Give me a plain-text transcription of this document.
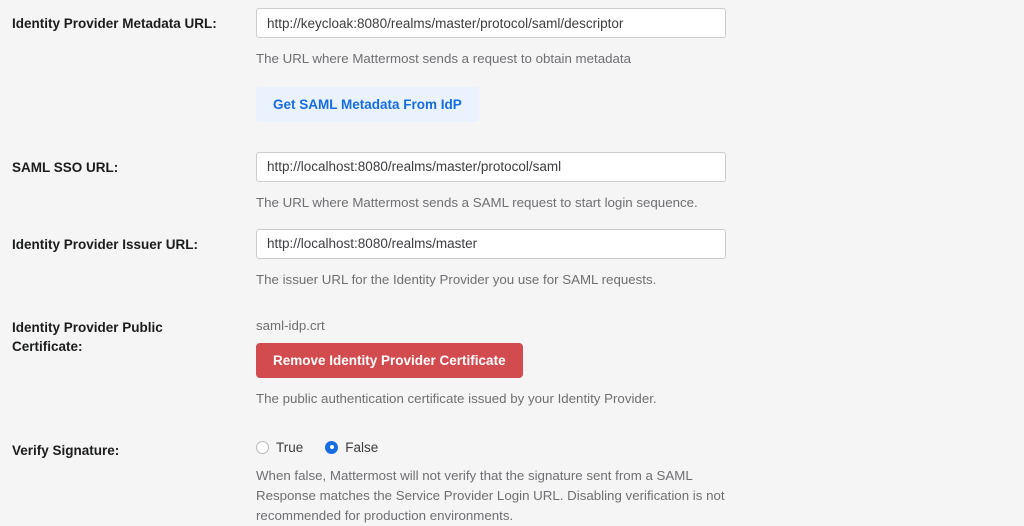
Identity Provider Metadata URL:
http://keycloak:8080/realms/master/protocol/saml/descriptor
The URL where Mattermost sends a request to obtain metadata
Get SAML Metadata From IdP
SAML SSO URL:
http://localhost:8080/realms/master/protocol/saml
The URL where Mattermost sends a SAML request to start login sequence.
Identity Provider Issuer URL:
http://localhost:8080/realms/master
The issuer URL for the Identity Provider you use for SAML requests.
Identity Provider Public Certificate:
saml-idp.crt
Remove Identity Provider Certificate
The public authentication certificate issued by your Identity Provider.
Verify Signature:	True	False
When false, Mattermost will not verify that the signature sent from a SAML Response matches the Service Provider Login URL. Disabling verification is not recommended for production environments.
